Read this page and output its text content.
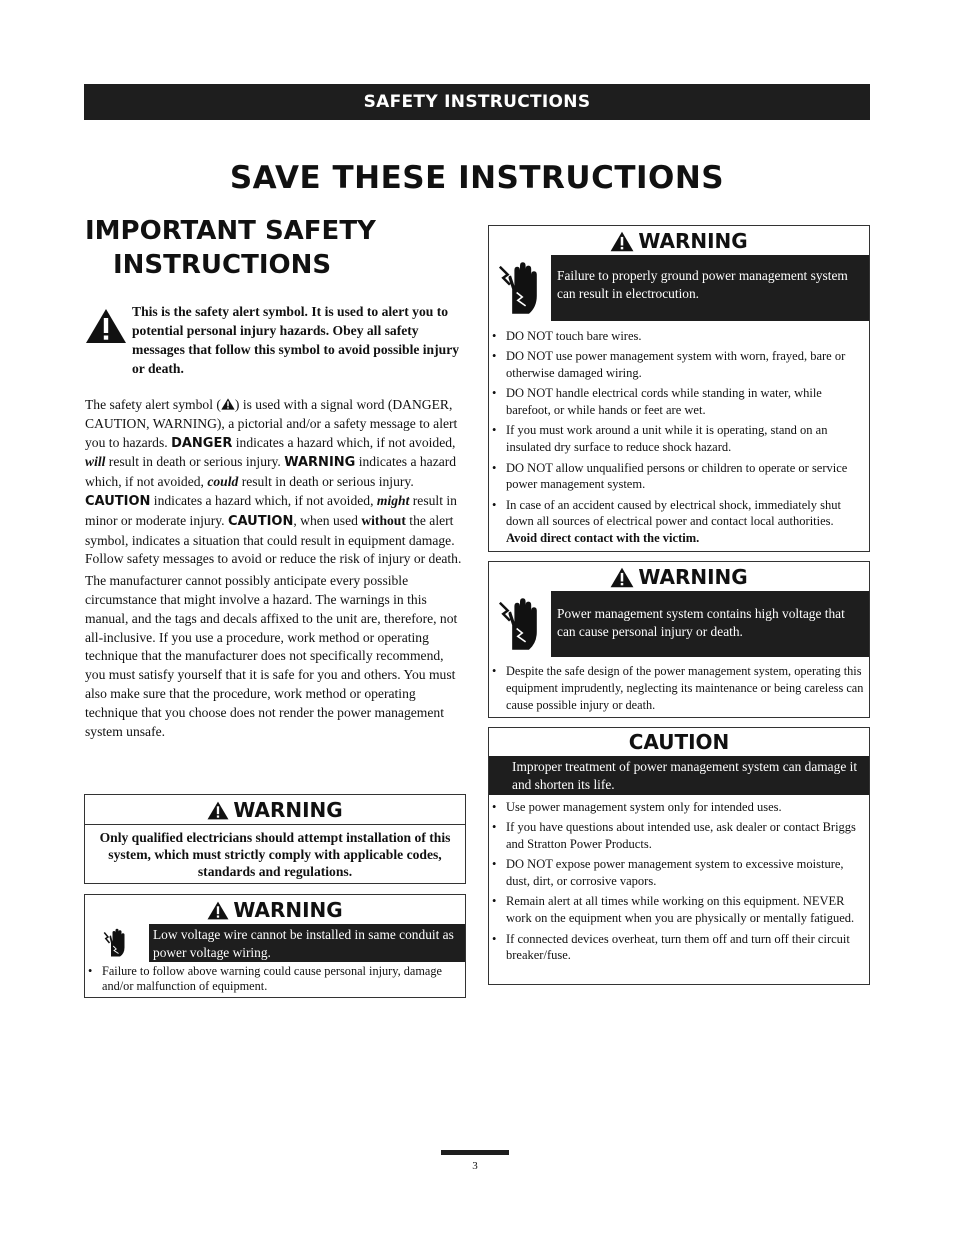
SAFETY INSTRUCTIONS
SAVE THESE INSTRUCTIONS
IMPORTANT SAFETY
INSTRUCTIONS
This is the safety alert symbol. It is used to alert you to potential personal injury hazards. Obey all safety messages that follow this symbol to avoid possible injury or death.

The safety alert symbol ( ) is used with a signal word (DANGER, CAUTION, WARNING), a pictorial and/or a safety message to alert you to hazards. DANGER indicates a hazard which, if not avoided, will result in death or serious injury. WARNING indicates a hazard which, if not avoided, could result in death or serious injury. CAUTION indicates a hazard which, if not avoided, might result in minor or moderate injury. CAUTION, when used without the alert symbol, indicates a situation that could result in equipment damage. Follow safety messages to avoid or reduce the risk of injury or death.

The manufacturer cannot possibly anticipate every possible circumstance that might involve a hazard. The warnings in this manual, and the tags and decals affixed to the unit are, therefore, not all-inclusive. If you use a procedure, work method or operating technique that the manufacturer does not specifically recommend, you must satisfy yourself that it is safe for you and others. You must also make sure that the procedure, work method or operating technique that you choose does not render the power management system unsafe.

WARNING
Only qualified electricians should attempt installation of this system, which must strictly comply with applicable codes, standards and regulations.
WARNING
Low voltage wire cannot be installed in same conduit as power voltage wiring.
• Failure to follow above warning could cause personal injury, damage and/or malfunction of equipment.
WARNING
Failure to properly ground power management system can result in electrocution.
• DO NOT touch bare wires.
• DO NOT use power management system with worn, frayed, bare or otherwise damaged wiring.
• DO NOT handle electrical cords while standing in water, while barefoot, or while hands or feet are wet.
• If you must work around a unit while it is operating, stand on an insulated dry surface to reduce shock hazard.
• DO NOT allow unqualified persons or children to operate or service power management system.
• In case of an accident caused by electrical shock, immediately shut down all sources of electrical power and contact local authorities. Avoid direct contact with the victim.
WARNING
Power management system contains high voltage that can cause personal injury or death.
• Despite the safe design of the power management system, operating this equipment imprudently, neglecting its maintenance or being careless can cause possible injury or death.
CAUTION
Improper treatment of power management system can damage it and shorten its life.
• Use power management system only for intended uses.
• If you have questions about intended use, ask dealer or contact Briggs and Stratton Power Products.
• DO NOT expose power management system to excessive moisture, dust, dirt, or corrosive vapors.
• Remain alert at all times while working on this equipment. NEVER work on the equipment when you are physically or mentally fatigued.
• If connected devices overheat, turn them off and turn off their circuit breaker/fuse.
3
